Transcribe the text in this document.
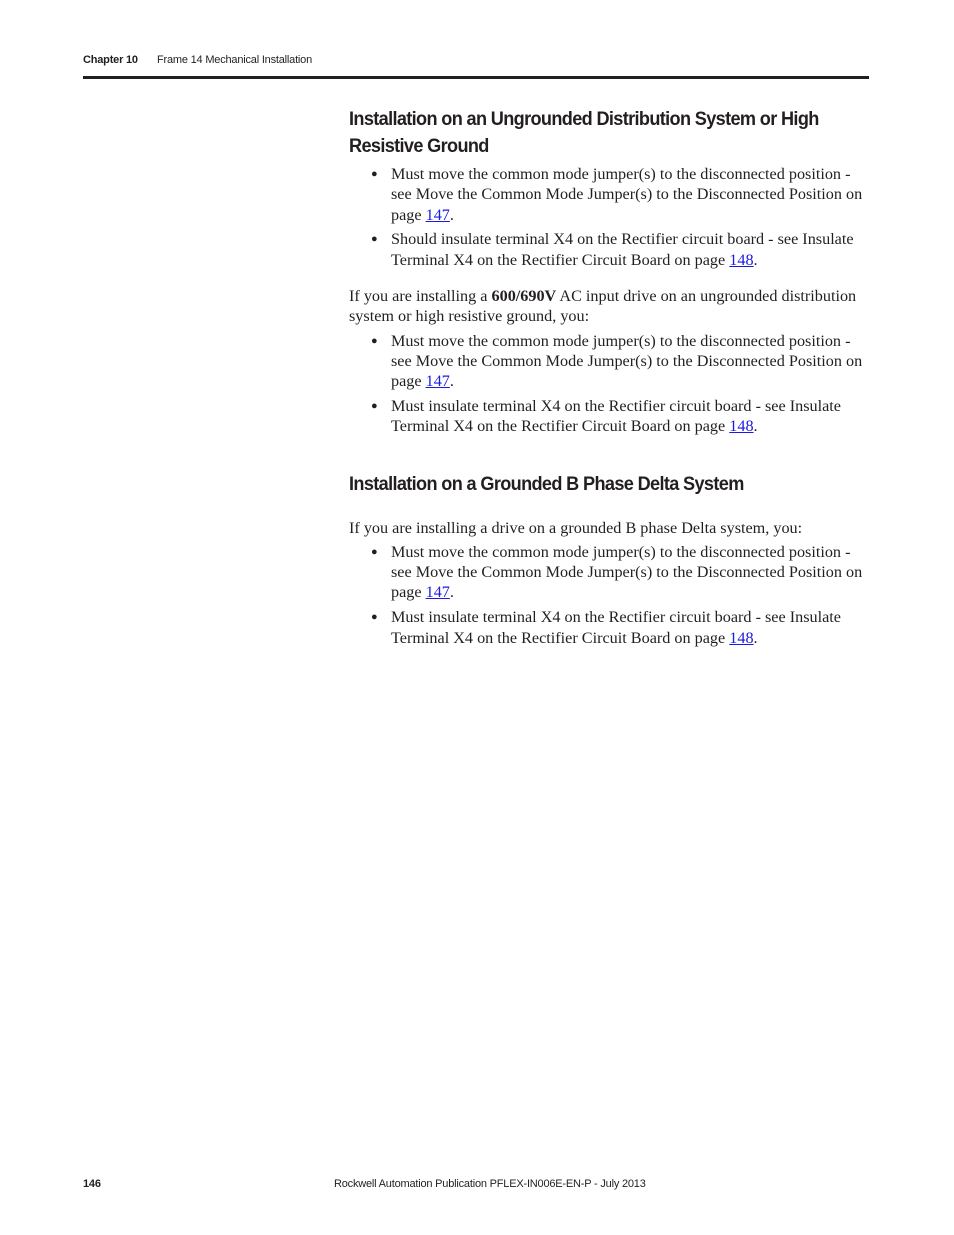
Chapter 10 Frame 14 Mechanical Installation
Installation on an Ungrounded Distribution System or High Resistive Ground
● Must move the common mode jumper(s) to the disconnected position - see Move the Common Mode Jumper(s) to the Disconnected Position on page 147.
● Should insulate terminal X4 on the Rectifier circuit board - see Insulate Terminal X4 on the Rectifier Circuit Board on page 148.

If you are installing a 600/690V AC input drive on an ungrounded distribution system or high resistive ground, you:

● Must move the common mode jumper(s) to the disconnected position - see Move the Common Mode Jumper(s) to the Disconnected Position on page 147.
● Must insulate terminal X4 on the Rectifier circuit board - see Insulate Terminal X4 on the Rectifier Circuit Board on page 148.
Installation on a Grounded B Phase Delta System

If you are installing a drive on a grounded B phase Delta system, you:

● Must move the common mode jumper(s) to the disconnected position - see Move the Common Mode Jumper(s) to the Disconnected Position on page 147.
● Must insulate terminal X4 on the Rectifier circuit board - see Insulate Terminal X4 on the Rectifier Circuit Board on page 148.
146	Rockwell Automation Publication PFLEX-IN006E-EN-P - July 2013
